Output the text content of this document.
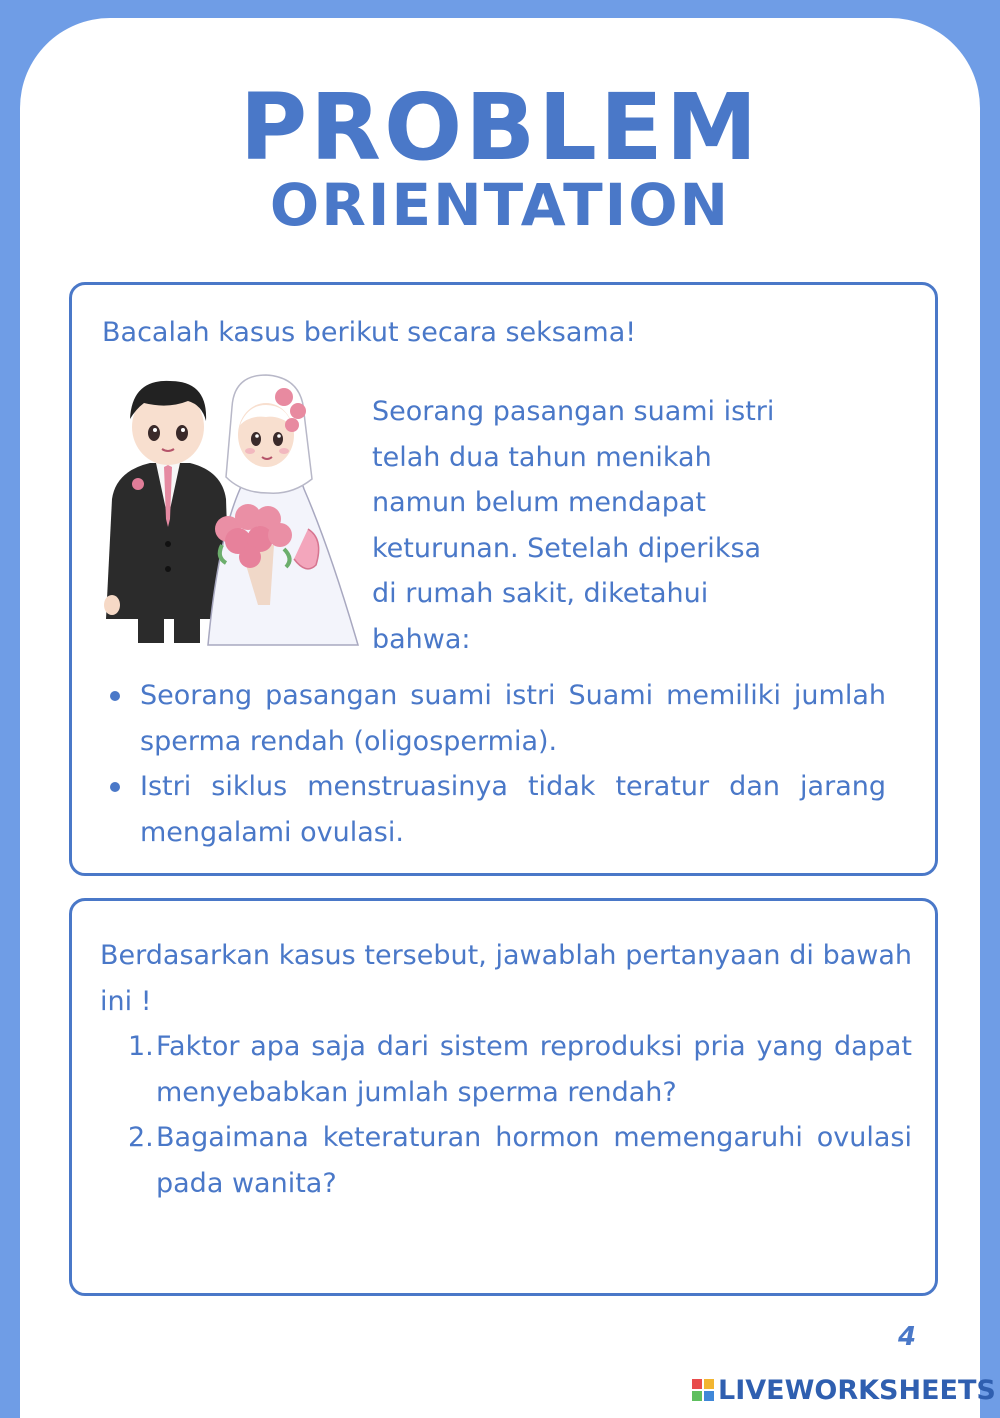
PROBLEM
ORIENTATION
Bacalah kasus berikut secara seksama!
Seorang pasangan suami istri
telah dua tahun menikah
namun belum mendapat
keturunan. Setelah diperiksa
di rumah sakit, diketahui
bahwa:
Seorang pasangan suami istri Suami memiliki jumlah sperma rendah (oligospermia).
Istri siklus menstruasinya tidak teratur dan jarang mengalami ovulasi.
Berdasarkan kasus tersebut, jawablah pertanyaan di bawah ini !
1. Faktor apa saja dari sistem reproduksi pria yang dapat menyebabkan jumlah sperma rendah?
2. Bagaimana keteraturan hormon memengaruhi ovulasi pada wanita?
4
LIVEWORKSHEETS
